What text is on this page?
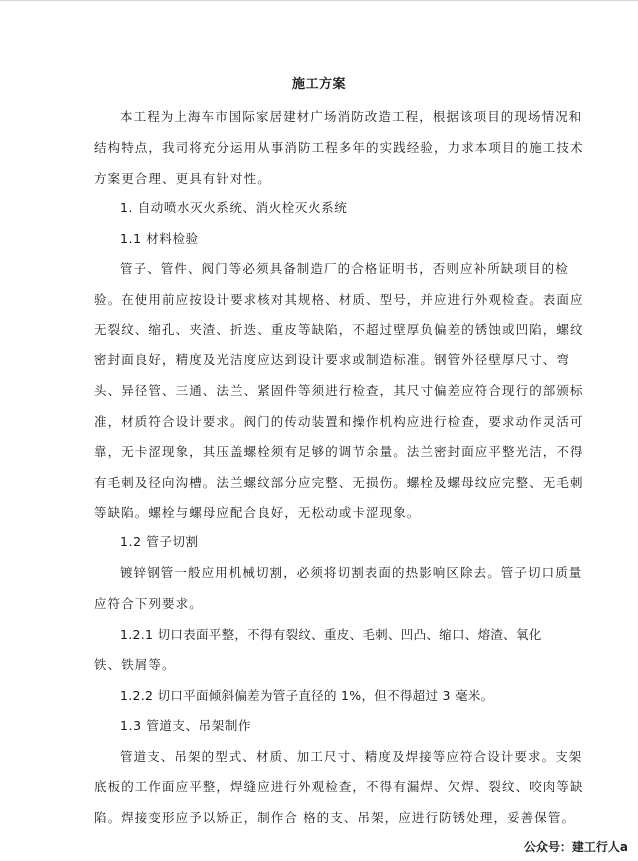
施工方案
本工程为上海车市国际家居建材广场消防改造工程，根据该项目的现场情况和
结构特点，我司将充分运用从事消防工程多年的实践经验，力求本项目的施工技术
方案更合理、更具有针对性。
1. 自动喷水灭火系统、消火栓灭火系统
1.1 材料检验
管子、管件、阀门等必须具备制造厂的合格证明书，否则应补所缺项目的检
验。在使用前应按设计要求核对其规格、材质、型号，并应进行外观检查。表面应
无裂纹、缩孔、夹渣、折迭、重皮等缺陷，不超过壁厚负偏差的锈蚀或凹陷，螺纹
密封面良好，精度及光洁度应达到设计要求或制造标准。钢管外径壁厚尺寸、弯
头、异径管、三通、法兰、紧固件等须进行检查，其尺寸偏差应符合现行的部颁标
准，材质符合设计要求。阀门的传动装置和操作机构应进行检查，要求动作灵活可
靠，无卡涩现象，其压盖螺栓须有足够的调节余量。法兰密封面应平整光洁，不得
有毛刺及径向沟槽。法兰螺纹部分应完整、无损伤。螺栓及螺母纹应完整、无毛刺
等缺陷。螺栓与螺母应配合良好，无松动或卡涩现象。
1.2 管子切割
镀锌钢管一般应用机械切割，必须将切割表面的热影响区除去。管子切口质量
应符合下列要求。
1.2.1 切口表面平整，不得有裂纹、重皮、毛刺、凹凸、缩口、熔渣、氧化
铁、铁屑等。
1.2.2 切口平面倾斜偏差为管子直径的 1%，但不得超过 3 毫米。
1.3 管道支、吊架制作
管道支、吊架的型式、材质、加工尺寸、精度及焊接等应符合设计要求。支架
底板的工作面应平整，焊缝应进行外观检查，不得有漏焊、欠焊、裂纹、咬肉等缺
陷。焊接变形应予以矫正，制作合 格的支、吊架，应进行防锈处理，妥善保管。
公众号：建工行人a
